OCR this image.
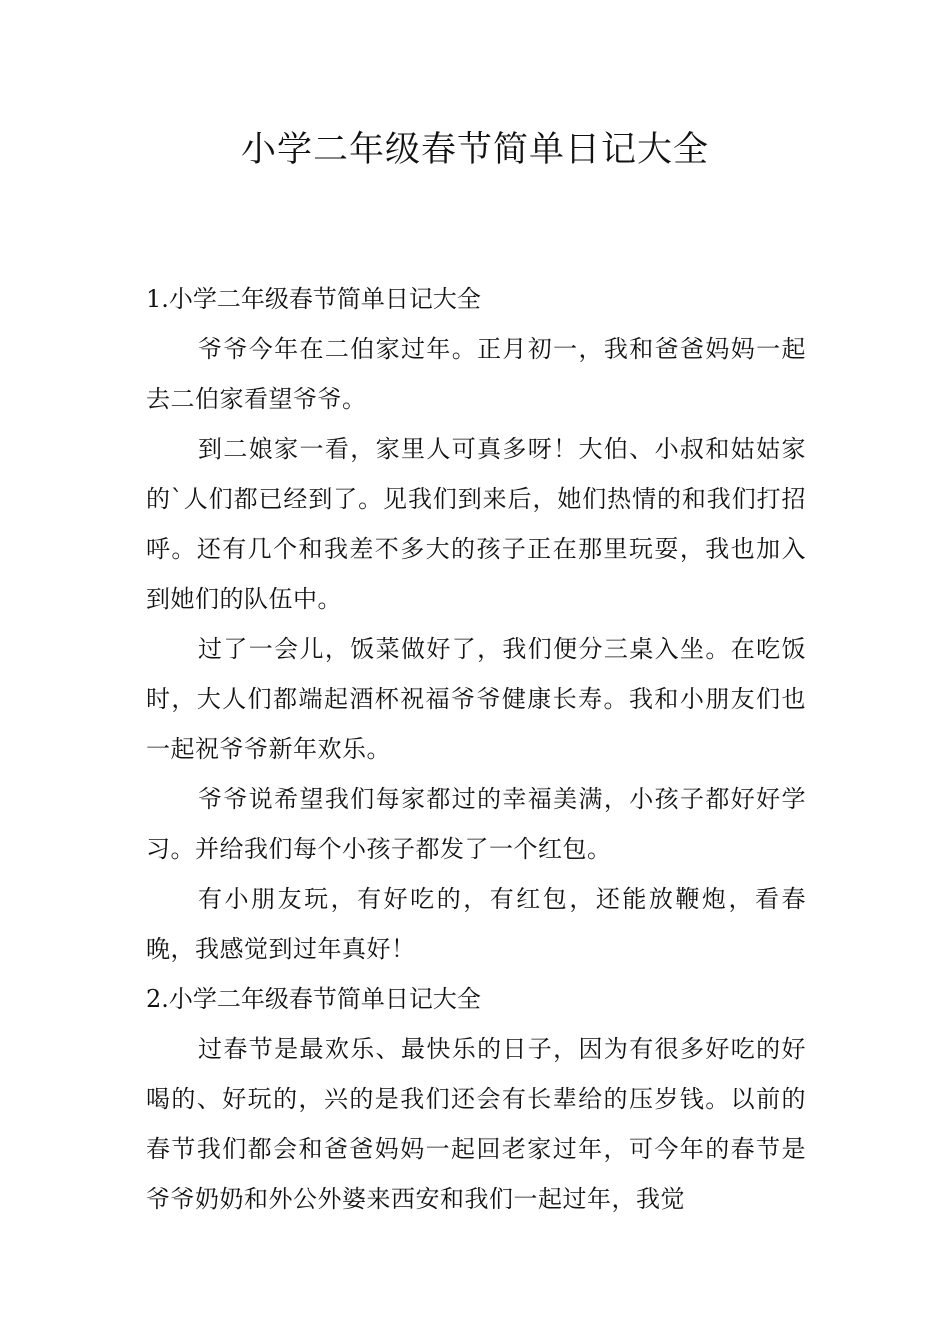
小学二年级春节简单日记大全

1.小学二年级春节简单日记大全

爷爷今年在二伯家过年。正月初一，我和爸爸妈妈一起去二伯家看望爷爷。

到二娘家一看，家里人可真多呀！大伯、小叔和姑姑家的`人们都已经到了。见我们到来后，她们热情的和我们打招呼。还有几个和我差不多大的孩子正在那里玩耍，我也加入到她们的队伍中。

过了一会儿，饭菜做好了，我们便分三桌入坐。在吃饭时，大人们都端起酒杯祝福爷爷健康长寿。我和小朋友们也一起祝爷爷新年欢乐。

爷爷说希望我们每家都过的幸福美满，小孩子都好好学习。并给我们每个小孩子都发了一个红包。

有小朋友玩，有好吃的，有红包，还能放鞭炮，看春晚，我感觉到过年真好！

2.小学二年级春节简单日记大全

过春节是最欢乐、最快乐的日子，因为有很多好吃的好喝的、好玩的，兴的是我们还会有长辈给的压岁钱。以前的春节我们都会和爸爸妈妈一起回老家过年，可今年的春节是爷爷奶奶和外公外婆来西安和我们一起过年，我觉
